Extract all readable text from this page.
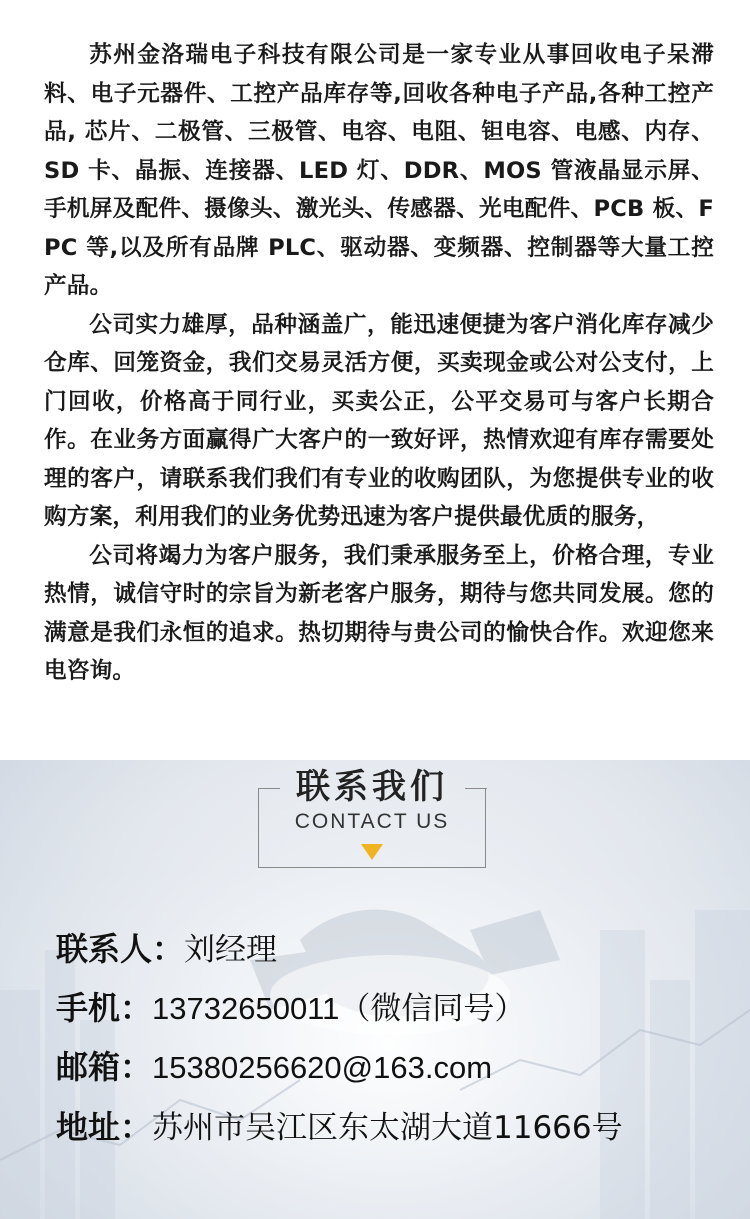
苏州金洛瑞电子科技有限公司是一家专业从事回收电子呆滞料、电子元器件、工控产品库存等,回收各种电子产品,各种工控产品, 芯片、二极管、三极管、电容、电阻、钽电容、电感、内存、SD 卡、晶振、连接器、LED 灯、DDR、MOS 管液晶显示屏、手机屏及配件、摄像头、激光头、传感器、光电配件、PCB 板、FPC 等,以及所有品牌 PLC、驱动器、变频器、控制器等大量工控产品。

公司实力雄厚，品种涵盖广，能迅速便捷为客户消化库存减少仓库、回笼资金，我们交易灵活方便，买卖现金或公对公支付，上门回收，价格高于同行业，买卖公正，公平交易可与客户长期合作。在业务方面赢得广大客户的一致好评，热情欢迎有库存需要处理的客户，请联系我们我们有专业的收购团队，为您提供专业的收购方案，利用我们的业务优势迅速为客户提供最优质的服务，

公司将竭力为客户服务，我们秉承服务至上，价格合理，专业热情，诚信守时的宗旨为新老客户服务，期待与您共同发展。您的满意是我们永恒的追求。热切期待与贵公司的愉快合作。欢迎您来电咨询。

联系我们
CONTACT US
联系人：刘经理
手机：13732650011（微信同号）
邮箱：15380256620@163.com
地址：苏州市吴江区东太湖大道11666号
